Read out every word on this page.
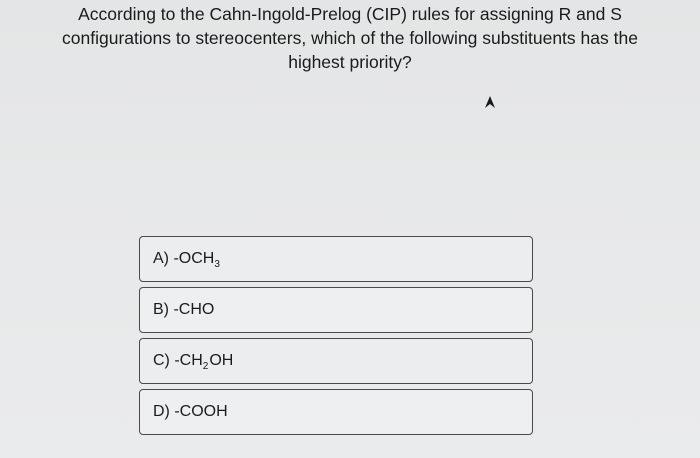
According to the Cahn-Ingold-Prelog (CIP) rules for assigning R and S
configurations to stereocenters, which of the following substituents has the
highest priority?
A)
-OCH 3
B)
-CHO
C)
-CH 2 OH
D)
-COOH
